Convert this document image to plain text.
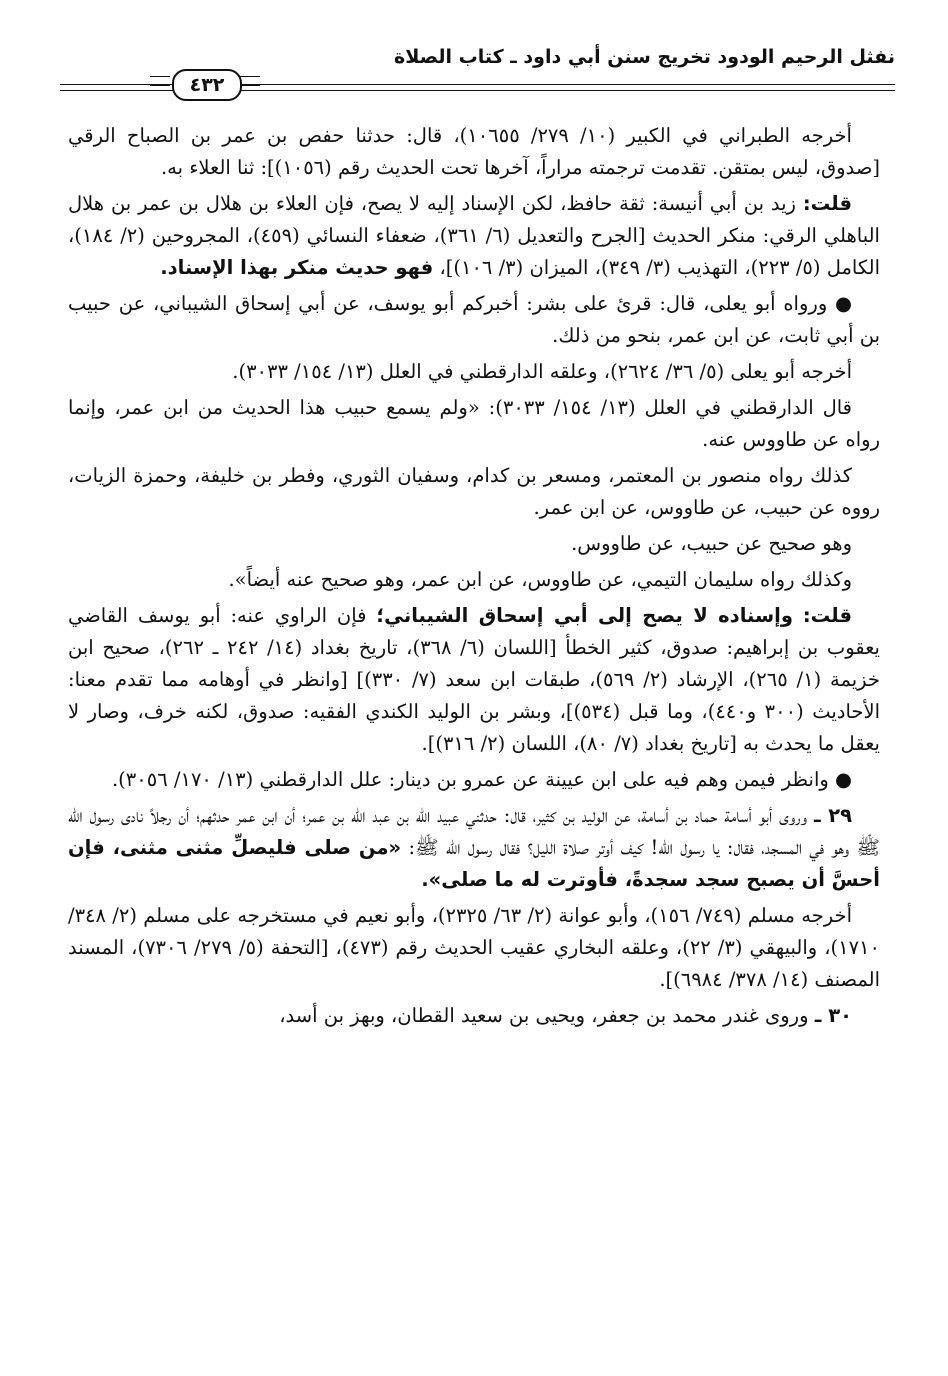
نفثل الرحيم الودود تخريج سنن أبي داود ـ كتاب الصلاة
٤٣٢

أخرجه الطبراني في الكبير (١٠/ ٢٧٩/ ١٠٦٥٥)، قال: حدثنا حفص بن عمر بن الصباح الرقي [صدوق، ليس بمتقن. تقدمت ترجمته مراراً، آخرها تحت الحديث رقم (١٠٥٦)]: ثنا العلاء به.

قلت: زيد بن أبي أنيسة: ثقة حافظ، لكن الإسناد إليه لا يصح، فإن العلاء بن هلال بن عمر بن هلال الباهلي الرقي: منكر الحديث [الجرح والتعديل (٦/ ٣٦١)، ضعفاء النسائي (٤٥٩)، المجروحين (٢/ ١٨٤)، الكامل (٥/ ٢٢٣)، التهذيب (٣/ ٣٤٩)، الميزان (٣/ ١٠٦)]، فهو حديث منكر بهذا الإسناد.

● ورواه أبو يعلى، قال: قرئ على بشر: أخبركم أبو يوسف، عن أبي إسحاق الشيباني، عن حبيب بن أبي ثابت، عن ابن عمر، بنحو من ذلك.

أخرجه أبو يعلى (٥/ ٣٦/ ٢٦٢٤)، وعلقه الدارقطني في العلل (١٣/ ١٥٤/ ٣٠٣٣).

قال الدارقطني في العلل (١٣/ ١٥٤/ ٣٠٣٣): «ولم يسمع حبيب هذا الحديث من ابن عمر، وإنما رواه عن طاووس عنه.

كذلك رواه منصور بن المعتمر، ومسعر بن كدام، وسفيان الثوري، وفطر بن خليفة، وحمزة الزيات، رووه عن حبيب، عن طاووس، عن ابن عمر.

وهو صحيح عن حبيب، عن طاووس.

وكذلك رواه سليمان التيمي، عن طاووس، عن ابن عمر، وهو صحيح عنه أيضاً».

قلت: وإسناده لا يصح إلى أبي إسحاق الشيباني؛ فإن الراوي عنه: أبو يوسف القاضي يعقوب بن إبراهيم: صدوق، كثير الخطأ [اللسان (٦/ ٣٦٨)، تاريخ بغداد (١٤/ ٢٤٢ ـ ٢٦٢)، صحيح ابن خزيمة (١/ ٢٦٥)، الإرشاد (٢/ ٥٦٩)، طبقات ابن سعد (٧/ ٣٣٠)] [وانظر في أوهامه مما تقدم معنا: الأحاديث (٣٠٠ و٤٤٠)، وما قبل (٥٣٤)]، وبشر بن الوليد الكندي الفقيه: صدوق، لكنه خرف، وصار لا يعقل ما يحدث به [تاريخ بغداد (٧/ ٨٠)، اللسان (٢/ ٣١٦)].

● وانظر فيمن وهم فيه على ابن عيينة عن عمرو بن دينار: علل الدارقطني (١٣/ ١٧٠/ ٣٠٥٦).

٢٩ ـ وروى أبو أسامة حماد بن أسامة، عن الوليد بن كثير، قال: حدثني عبيد الله بن عبد الله بن عمر؛ أن ابن عمر حدثهم؛ أن رجلاً نادى رسول الله ﷺ وهو في المسجد، فقال: يا رسول الله! كيف أوتر صلاة الليل؟ فقال رسول الله ﷺ: «من صلى فليصلِّ مثنى مثنى، فإن أحسَّ أن يصبح سجد سجدةً، فأوترت له ما صلى».

أخرجه مسلم (٧٤٩/ ١٥٦)، وأبو عوانة (٢/ ٦٣/ ٢٣٢٥)، وأبو نعيم في مستخرجه على مسلم (٢/ ٣٤٨/ ١٧١٠)، والبيهقي (٣/ ٢٢)، وعلقه البخاري عقيب الحديث رقم (٤٧٣)، [التحفة (٥/ ٢٧٩/ ٧٣٠٦)، المسند المصنف (١٤/ ٣٧٨/ ٦٩٨٤)].

٣٠ ـ وروى غندر محمد بن جعفر، ويحيى بن سعيد القطان، وبهز بن أسد،
